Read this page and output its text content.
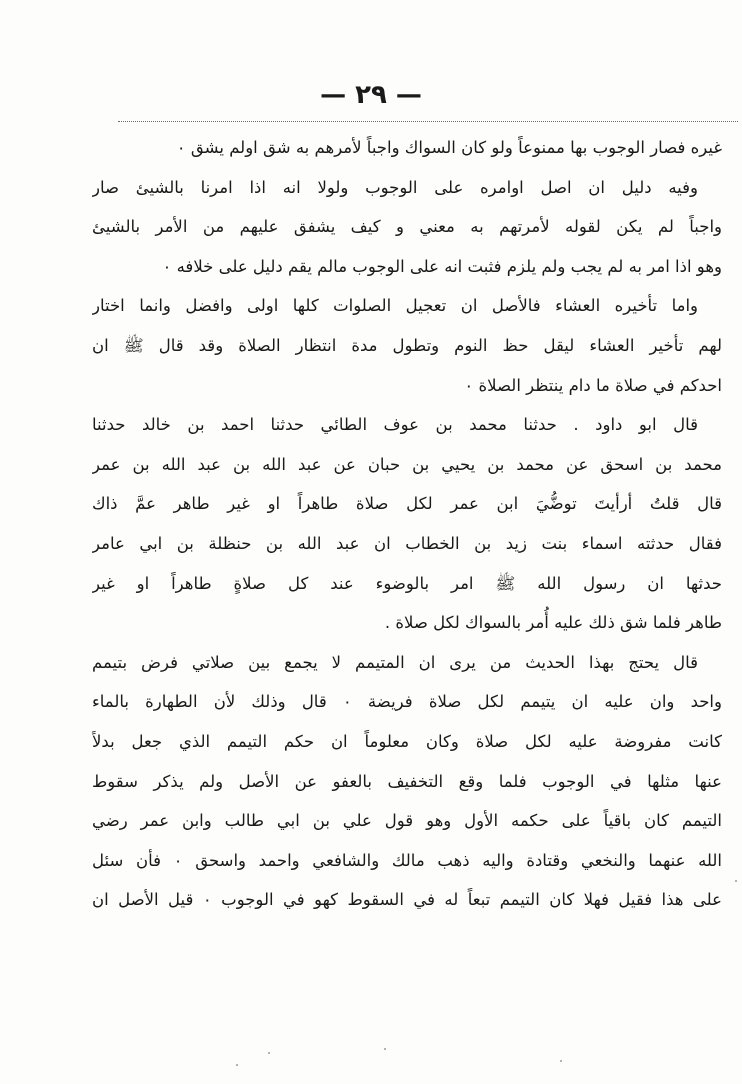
— ٢٩ —
غيره فصار الوجوب بها ممنوعاً ولو كان السواك واجباً لأمرهم به شق اولم يشق ٠
وفيه دليل ان اصل اوامره على الوجوب ولولا انه اذا امرنا بالشيئ صار
واجباً لم يكن لقوله لأمرتهم به معني و كيف يشفق عليهم من الأمر بالشيئ
وهو اذا امر به لم يجب ولم يلزم فثبت انه على الوجوب مالم يقم دليل على خلافه ٠
واما تأخيره العشاء فالأصل ان تعجيل الصلوات كلها اولى وافضل وانما اختار
لهم تأخير العشاء ليقل حظ النوم وتطول مدة انتظار الصلاة وقد قال ﷺ ان
احدكم في صلاة ما دام ينتظر الصلاة ٠
قال ابو داود . حدثنا محمد بن عوف الطائي حدثنا احمد بن خالد حدثنا
محمد بن اسحق عن محمد بن يحيي بن حبان عن عبد الله بن عبد الله بن عمر
قال قلتُ أرأيتَ توضُّيَ ابن عمر لكل صلاة طاهراً او غير طاهر عمَّ ذاك
فقال حدثته اسماء بنت زيد بن الخطاب ان عبد الله بن حنظلة بن ابي عامر
حدثها ان رسول الله ﷺ امر بالوضوء عند كل صلاةٍ طاهراً او غير
طاهر فلما شق ذلك عليه أُمر بالسواك لكل صلاة .
قال يحتج بهذا الحديث من يرى ان المتيمم لا يجمع بين صلاتي فرض بتيمم
واحد وان عليه ان يتيمم لكل صلاة فريضة ٠ قال وذلك لأن الطهارة بالماء
كانت مفروضة عليه لكل صلاة وكان معلوماً ان حكم التيمم الذي جعل بدلاً
عنها مثلها في الوجوب فلما وقع التخفيف بالعفو عن الأصل ولم يذكر سقوط
التيمم كان باقياً على حكمه الأول وهو قول علي بن ابي طالب وابن عمر رضي
الله عنهما والنخعي وقتادة واليه ذهب مالك والشافعي واحمد واسحق ٠ فأن سئل
على هذا فقيل فهلا كان التيمم تبعاً له في السقوط كهو في الوجوب ٠ قيل الأصل ان
